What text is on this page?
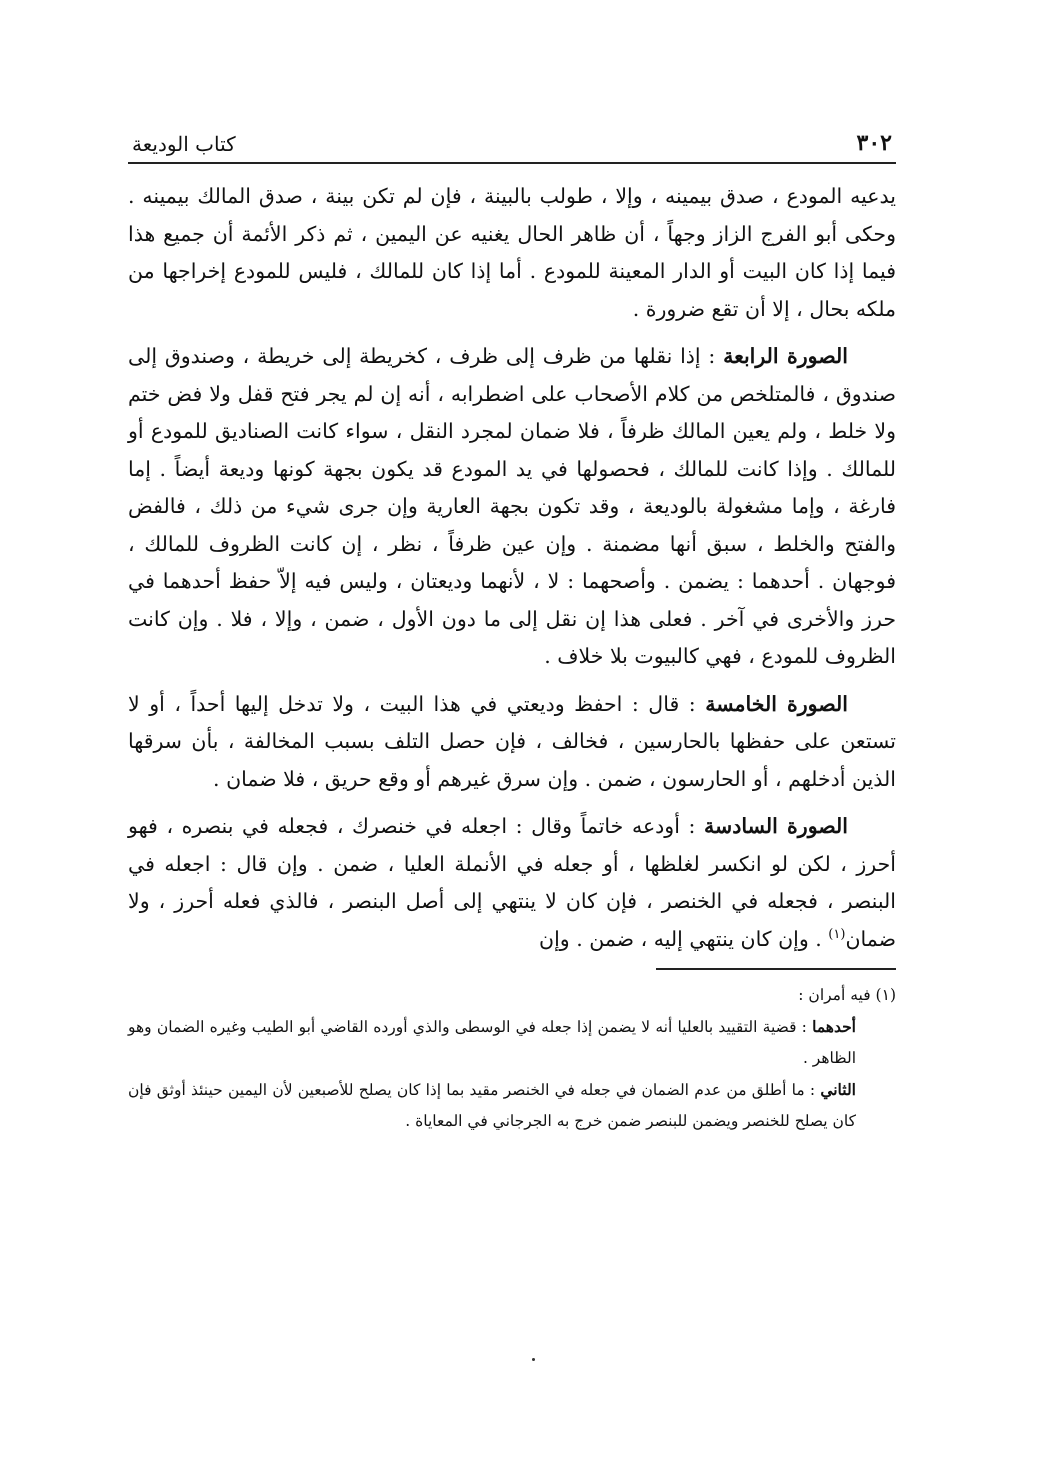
٣٠٢
كتاب الوديعة

يدعيه المودع ، صدق بيمينه ، وإلا ، طولب بالبينة ، فإن لم تكن بينة ، صدق المالك بيمينه . وحكى أبو الفرج الزاز وجهاً ، أن ظاهر الحال يغنيه عن اليمين ، ثم ذكر الأئمة أن جميع هذا فيما إذا كان البيت أو الدار المعينة للمودع . أما إذا كان للمالك ، فليس للمودع إخراجها من ملكه بحال ، إلا أن تقع ضرورة .

الصورة الرابعة : إذا نقلها من ظرف إلى ظرف ، كخريطة إلى خريطة ، وصندوق إلى صندوق ، فالمتلخص من كلام الأصحاب على اضطرابه ، أنه إن لم يجر فتح قفل ولا فض ختم ولا خلط ، ولم يعين المالك ظرفاً ، فلا ضمان لمجرد النقل ، سواء كانت الصناديق للمودع أو للمالك . وإذا كانت للمالك ، فحصولها في يد المودع قد يكون بجهة كونها وديعة أيضاً . إما فارغة ، وإما مشغولة بالوديعة ، وقد تكون بجهة العارية وإن جرى شيء من ذلك ، فالفض والفتح والخلط ، سبق أنها مضمنة . وإن عين ظرفاً ، نظر ، إن كانت الظروف للمالك ، فوجهان . أحدهما : يضمن . وأصحهما : لا ، لأنهما وديعتان ، وليس فيه إلاّ حفظ أحدهما في حرز والأخرى في آخر . فعلى هذا إن نقل إلى ما دون الأول ، ضمن ، وإلا ، فلا . وإن كانت الظروف للمودع ، فهي كالبيوت بلا خلاف .

الصورة الخامسة : قال : احفظ وديعتي في هذا البيت ، ولا تدخل إليها أحداً ، أو لا تستعن على حفظها بالحارسين ، فخالف ، فإن حصل التلف بسبب المخالفة ، بأن سرقها الذين أدخلهم ، أو الحارسون ، ضمن . وإن سرق غيرهم أو وقع حريق ، فلا ضمان .

الصورة السادسة : أودعه خاتماً وقال : اجعله في خنصرك ، فجعله في بنصره ، فهو أحرز ، لكن لو انكسر لغلظها ، أو جعله في الأنملة العليا ، ضمن . وإن قال : اجعله في البنصر ، فجعله في الخنصر ، فإن كان لا ينتهي إلى أصل البنصر ، فالذي فعله أحرز ، ولا ضمان$^{(١)}$ . وإن كان ينتهي إليه ، ضمن . وإن

(١) فيه أمران :

أحدهما : قضية التقييد بالعليا أنه لا يضمن إذا جعله في الوسطى والذي أورده القاضي أبو الطيب وغيره الضمان وهو الظاهر .

الثاني : ما أطلق من عدم الضمان في جعله في الخنصر مقيد بما إذا كان يصلح للأصبعين لأن اليمين حينئذ أوثق فإن كان يصلح للخنصر ويضمن للبنصر ضمن خرج به الجرجاني في المعاياة .
